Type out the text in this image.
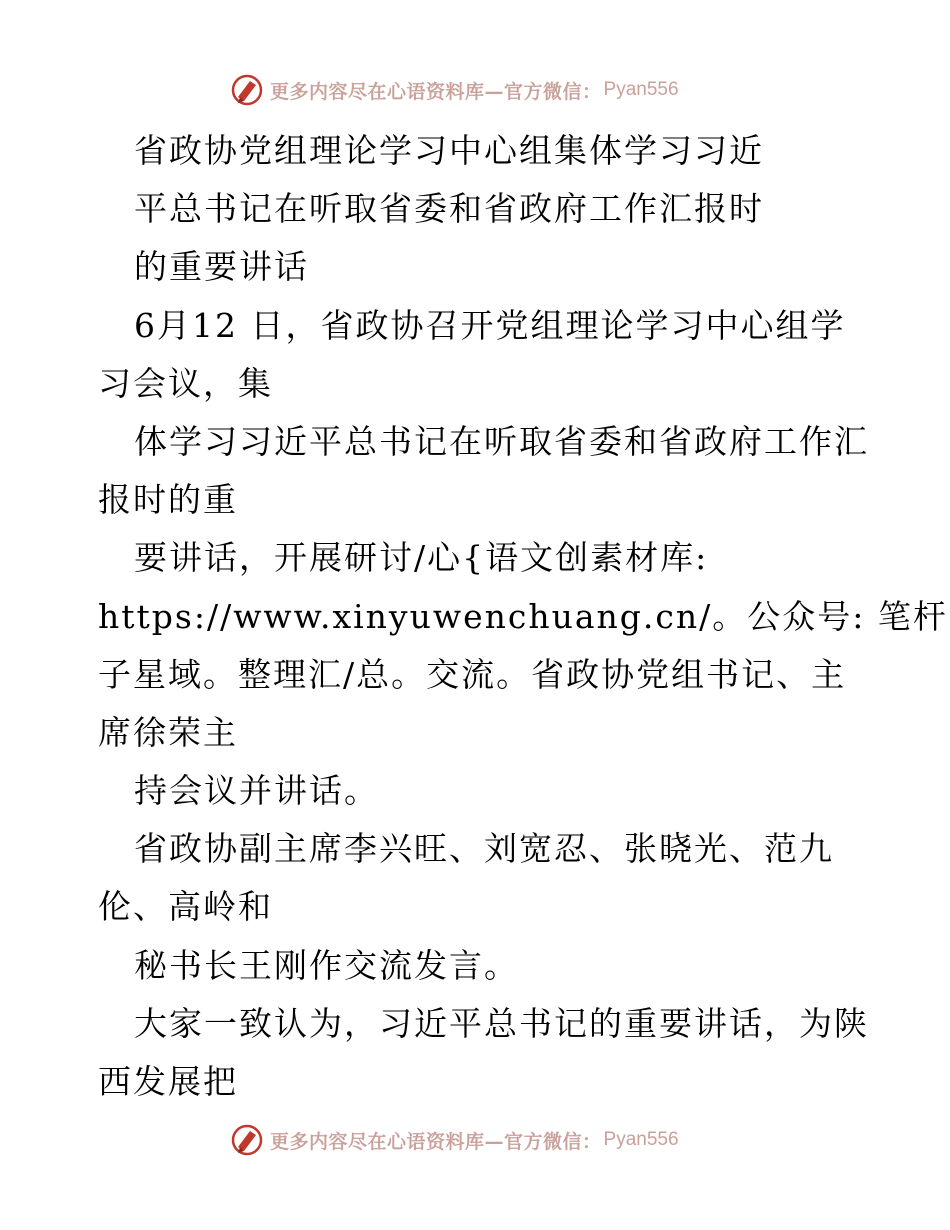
更多内容尽在心语资料库—官方微信： Pyan556
省政协党组理论学习中心组集体学习习近
平总书记在听取省委和省政府工作汇报时
的重要讲话
6月12 日，省政协召开党组理论学习中心组学
习会议，集
体学习习近平总书记在听取省委和省政府工作汇
报时的重
要讲话，开展研讨/心{语文创素材库:
https://www.xinyuwenchuang.cn/。公众号: 笔杆
子星域。整理汇/总。交流。省政协党组书记、主
席徐荣主
持会议并讲话。
省政协副主席李兴旺、刘宽忍、张晓光、范九
伦、高岭和
秘书长王刚作交流发言。
大家一致认为，习近平总书记的重要讲话，为陕
西发展把
更多内容尽在心语资料库—官方微信： Pyan556
